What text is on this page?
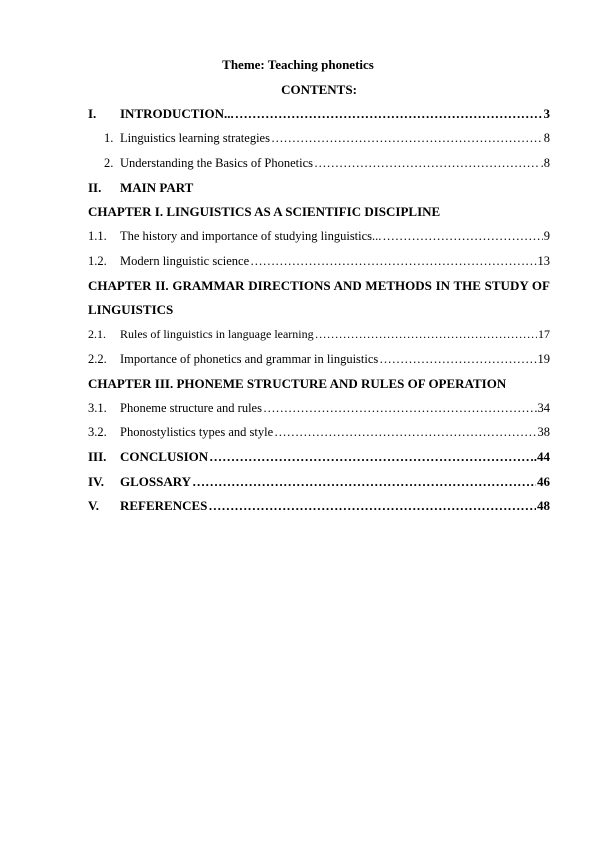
Theme: Teaching phonetics
CONTENTS:
I.	INTRODUCTION... ……………………………………………………………………………………………………………………………………………………………………………………………………………………	3
1. Linguistics learning strategies ……………………………………………………………………………………………………………………………………………………………………………………………………………………	8
2. Understanding the Basics of Phonetics ……………………………………………………………………………………………………………………………………………………………………………………………………………………	.8
II.	MAIN PART
CHAPTER I. LINGUISTICS AS A SCIENTIFIC DISCIPLINE
1.1.	The history and importance of studying linguistics... ……………………………………………………………………………………………………………………………………………………………………………………………………………………	9
1.2.	Modern linguistic science ……………………………………………………………………………………………………………………………………………………………………………………………………………………	13
CHAPTER II. GRAMMAR DIRECTIONS AND METHODS IN THE STUDY OF LINGUISTICS
2.1.	Rules of linguistics in language learning ……………………………………………………………………………………………………………………………………………………………………………………………………………………	17
2.2.	Importance of phonetics and grammar in linguistics ……………………………………………………………………………………………………………………………………………………………………………………………………………………	19
CHAPTER III. PHONEME STRUCTURE AND RULES OF OPERATION
3.1.	Phoneme structure and rules ……………………………………………………………………………………………………………………………………………………………………………………………………………………	34
3.2.	Phonostylistics types and style ……………………………………………………………………………………………………………………………………………………………………………………………………………………	38
III.	CONCLUSION ……………………………………………………………………………………………………………………………………………………………………………………………………………………	.44
IV.	GLOSSARY ……………………………………………………………………………………………………………………………………………………………………………………………………………………	46
V.	REFERENCES ……………………………………………………………………………………………………………………………………………………………………………………………………………………	48
